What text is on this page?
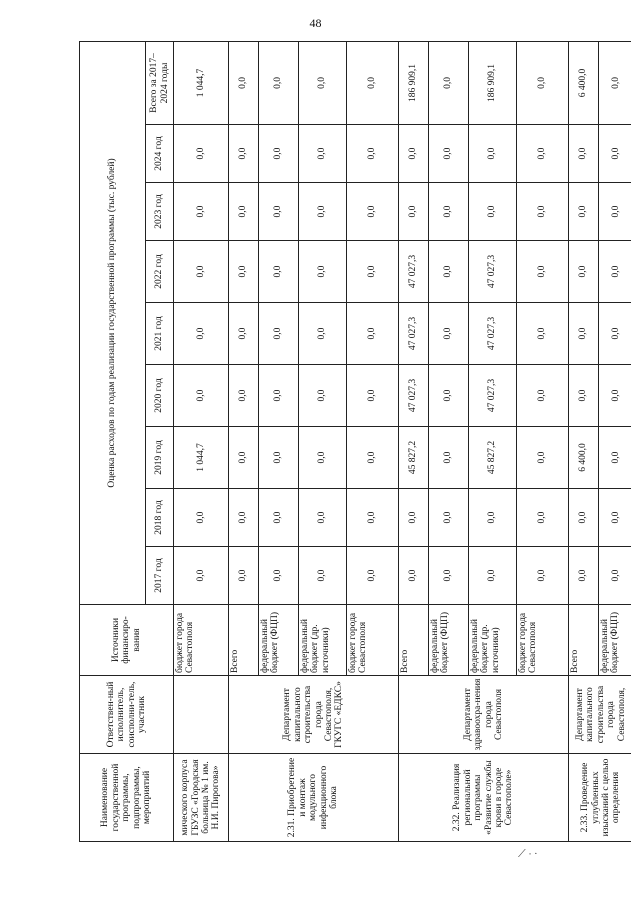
48
Наименование государственной программы, подпрограммы, мероприятий	Ответствен-ный исполнитель, соисполни-тель, участник	Источники финансиро-вания	Оценка расходов по годам реализации государственной программы (тыс. рублей)								
			2017 год	2018 год	2019 год	2020 год	2021 год	2022 год	2023 год	2024 год	Всего за 2017–2024 годы
мического корпуса ГБУЗС «Городская больница № 1 им. Н.И. Пирогова»		бюджет города Севастополя	0,0	0,0	1 044,7	0,0	0,0	0,0	0,0	0,0	1 044,7
2.31. Приобретение и монтаж модульного инфекционного блока	Департамент капитального строительства города Севастополя, ГКУГС «ЕДКС»	Всего	0,0	0,0	0,0	0,0	0,0	0,0	0,0	0,0	0,0
		федеральный бюджет (ФЦП)	0,0	0,0	0,0	0,0	0,0	0,0	0,0	0,0	0,0
		федеральный бюджет (др. источники)	0,0	0,0	0,0	0,0	0,0	0,0	0,0	0,0	0,0
		бюджет города Севастополя	0,0	0,0	0,0	0,0	0,0	0,0	0,0	0,0	0,0
2.32. Реализация региональной программы «Развитие службы крови в городе Севастополе»	Департамент здравоохра-нения города Севастополя	Всего	0,0	0,0	45 827,2	47 027,3	47 027,3	47 027,3	0,0	0,0	186 909,1
		федеральный бюджет (ФЦП)	0,0	0,0	0,0	0,0	0,0	0,0	0,0	0,0	0,0
		федеральный бюджет (др. источники)	0,0	0,0	45 827,2	47 027,3	47 027,3	47 027,3	0,0	0,0	186 909,1
		бюджет города Севастополя	0,0	0,0	0,0	0,0	0,0	0,0	0,0	0,0	0,0
2.33. Проведение углубленных изысканий с целью определения	Департамент капитального строительства города Севастополя,	Всего	0,0	0,0	6 400,0	0,0	0,0	0,0	0,0	0,0	6 400,0
		федеральный бюджет (ФЦП)	0,0	0,0	0,0	0,0	0,0	0,0	0,0	0,0	0,0
⟋ ⸱ ·
